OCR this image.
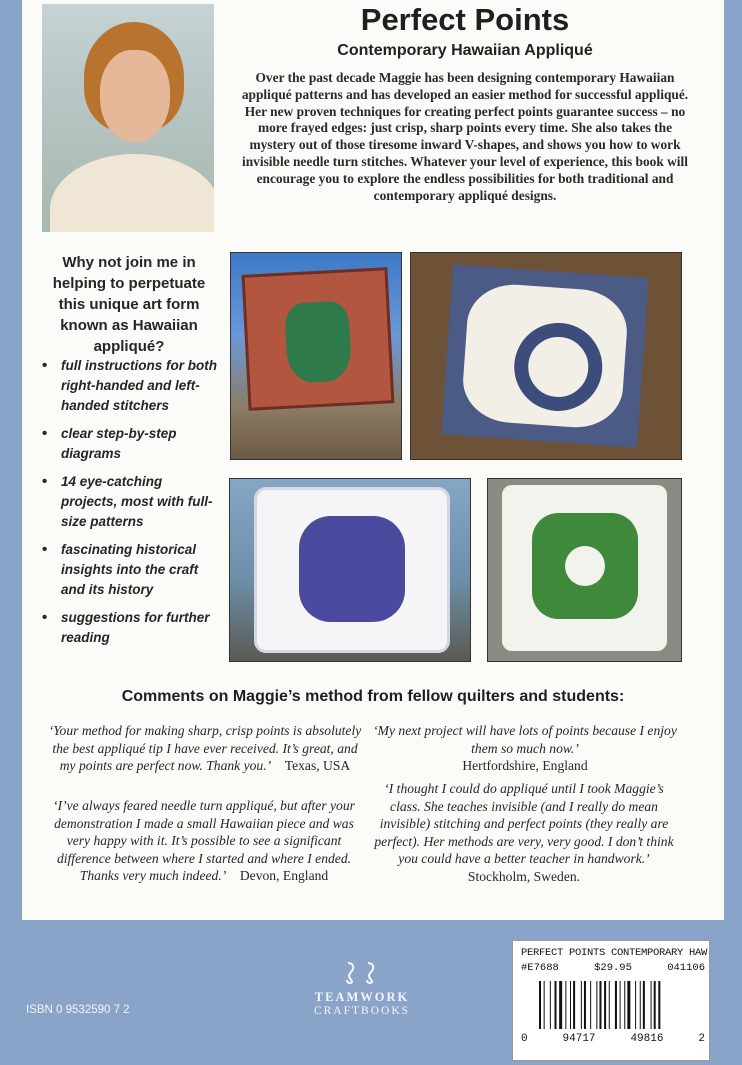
Perfect Points
Contemporary Hawaiian Appliqué
Over the past decade Maggie has been designing contemporary Hawaiian appliqué patterns and has developed an easier method for successful appliqué. Her new proven techniques for creating perfect points guarantee success – no more frayed edges: just crisp, sharp points every time. She also takes the mystery out of those tiresome inward V-shapes, and shows you how to work invisible needle turn stitches. Whatever your level of experience, this book will encourage you to explore the endless possibilities for both traditional and contemporary appliqué designs.
Why not join me in helping to perpetuate this unique art form known as Hawaiian appliqué?
• full instructions for both right-handed and left-handed stitchers
• clear step-by-step diagrams
• 14 eye-catching projects, most with full-size patterns
• fascinating historical insights into the craft and its history
• suggestions for further reading
Comments on Maggie’s method from fellow quilters and students:
‘Your method for making sharp, crisp points is absolutely the best appliqué tip I have ever received. It’s great, and my points are perfect now. Thank you.’ Texas, USA
‘I’ve always feared needle turn appliqué, but after your demonstration I made a small Hawaiian piece and was very happy with it. It’s possible to see a significant difference between where I started and where I ended. Thanks very much indeed.’ Devon, England
‘My next project will have lots of points because I enjoy them so much now.’
Hertfordshire, England
‘I thought I could do appliqué until I took Maggie’s class. She teaches invisible (and I really do mean invisible) stitching and perfect points (they really are perfect). Her methods are very, very good. I don’t think you could have a better teacher in handwork.’
Stockholm, Sweden.
ISBN 0 9532590 7 2
TEAMWORK
CRAFTBOOKS
PERFECT POINTS CONTEMPORARY HAW
#E7688	$29.95	041106
0	94717	49816	2
